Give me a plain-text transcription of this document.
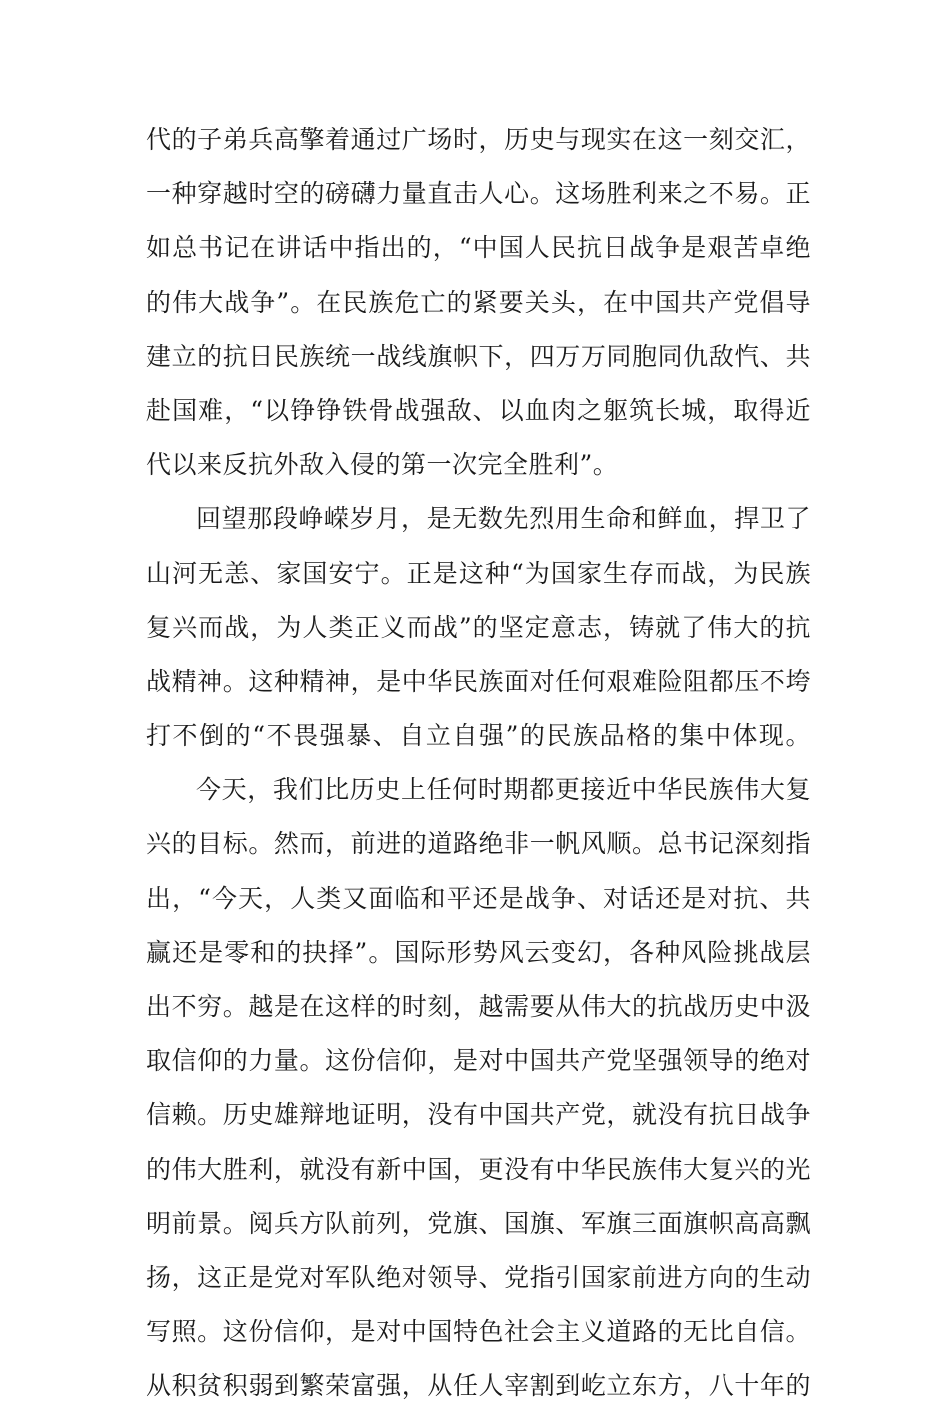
代的子弟兵高擎着通过广场时，历史与现实在这一刻交汇，
一种穿越时空的磅礴力量直击人心。这场胜利来之不易。正
如总书记在讲话中指出的，“中国人民抗日战争是艰苦卓绝
的伟大战争”。在民族危亡的紧要关头，在中国共产党倡导
建立的抗日民族统一战线旗帜下，四万万同胞同仇敌忾、共
赴国难，“以铮铮铁骨战强敌、以血肉之躯筑长城，取得近
代以来反抗外敌入侵的第一次完全胜利”。
回望那段峥嵘岁月，是无数先烈用生命和鲜血，捍卫了
山河无恙、家国安宁。正是这种“为国家生存而战，为民族
复兴而战，为人类正义而战”的坚定意志，铸就了伟大的抗
战精神。这种精神，是中华民族面对任何艰难险阻都压不垮
打不倒的“不畏强暴、自立自强”的民族品格的集中体现。
今天，我们比历史上任何时期都更接近中华民族伟大复
兴的目标。然而，前进的道路绝非一帆风顺。总书记深刻指
出，“今天，人类又面临和平还是战争、对话还是对抗、共
赢还是零和的抉择”。国际形势风云变幻，各种风险挑战层
出不穷。越是在这样的时刻，越需要从伟大的抗战历史中汲
取信仰的力量。这份信仰，是对中国共产党坚强领导的绝对
信赖。历史雄辩地证明，没有中国共产党，就没有抗日战争
的伟大胜利，就没有新中国，更没有中华民族伟大复兴的光
明前景。阅兵方队前列，党旗、国旗、军旗三面旗帜高高飘
扬，这正是党对军队绝对领导、党指引国家前进方向的生动
写照。这份信仰，是对中国特色社会主义道路的无比自信。
从积贫积弱到繁荣富强，从任人宰割到屹立东方，八十年的
